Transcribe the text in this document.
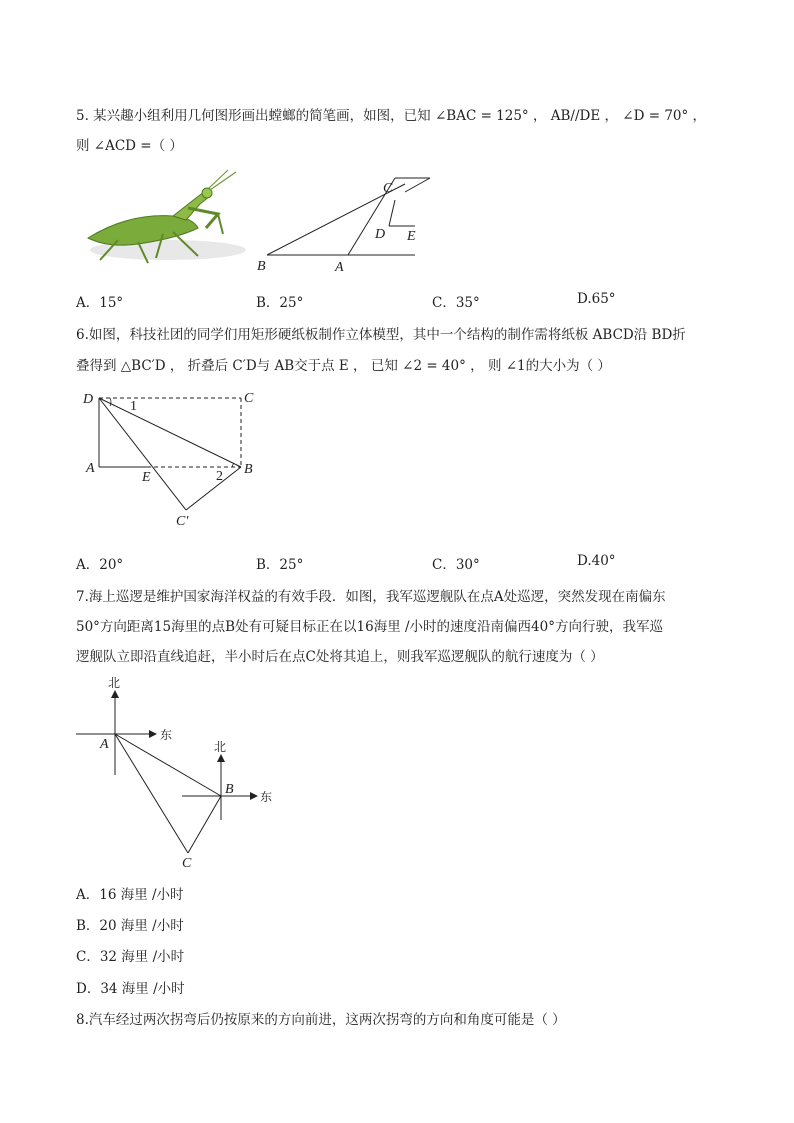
5. 某兴趣小组利用几何图形画出螳螂的简笔画，如图，已知 ∠BAC = 125° ， AB//DE ， ∠D = 70° ，
则 ∠ACD =（ ）
B	A
C
D E
A．15°	B．25°	C．35°	D.65°
6.如图，科技社团的同学们用矩形硬纸板制作立体模型，其中一个结构的制作需将纸板 ABCD沿 BD折
叠得到 △BC′D ， 折叠后 C′D与 AB交于点 E ， 已知 ∠2 = 40° ， 则 ∠1的大小为（ ）
D	C
A
E
B
C′
1
2
A．20°	B．25°	C．30°	D.40°
7.海上巡逻是维护国家海洋权益的有效手段．如图，我军巡逻舰队在点A处巡逻，突然发现在南偏东
50°方向距离15海里的点B处有可疑目标正在以16海里 /小时的速度沿南偏西40°方向行驶，我军巡
逻舰队立即沿直线追赶，半小时后在点C处将其追上，则我军巡逻舰队的航行速度为（ ）
北
东
A	北
东
B
C
A．16 海里 /小时
B．20 海里 /小时
C．32 海里 /小时
D．34 海里 /小时
8.汽车经过两次拐弯后仍按原来的方向前进，这两次拐弯的方向和角度可能是（ ）
